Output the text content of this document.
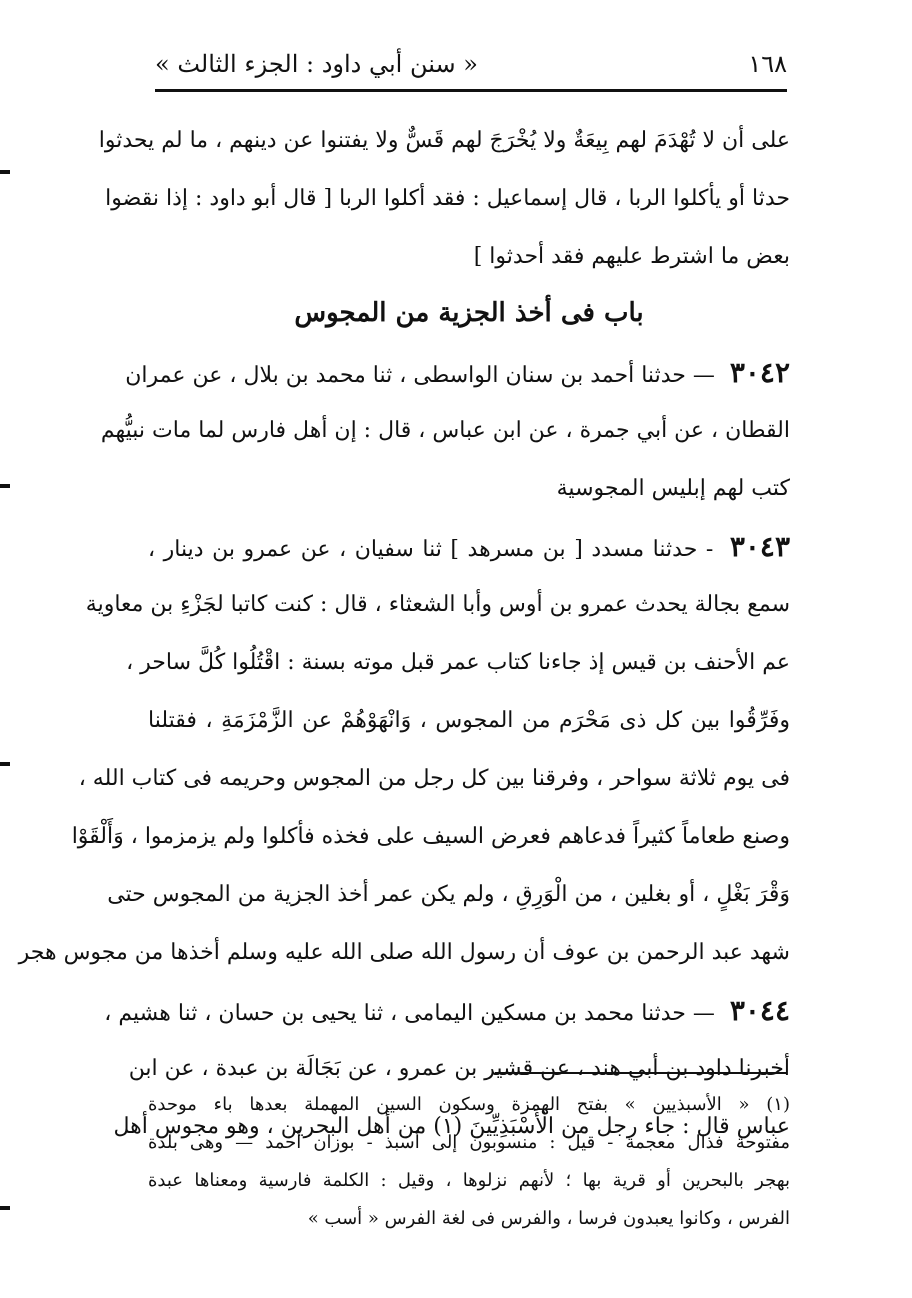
١٦٨
« سنن أبي داود : الجزء الثالث »
على أن لا تُهْدَمَ لهم بِيعَةٌ ولا يُخْرَجَ لهم قَسٌّ ولا يفتنوا عن دينهم ، ما لم يحدثوا
حدثا أو يأكلوا الربا ، قال إسماعيل : فقد أكلوا الربا [ قال أبو داود : إذا نقضوا
بعض ما اشترط عليهم فقد أحدثوا ]
باب فى أخذ الجزية من المجوس
٣٠٤٢ — حدثنا أحمد بن سنان الواسطى ، ثنا محمد بن بلال ، عن عمران
القطان ، عن أبي جمرة ، عن ابن عباس ، قال : إن أهل فارس لما مات نبيُّهم
كتب لهم إبليس المجوسية
٣٠٤٣ - حدثنا مسدد [ بن مسرهد ] ثنا سفيان ، عن عمرو بن دينار ،
سمع بجالة يحدث عمرو بن أوس وأبا الشعثاء ، قال : كنت كاتبا لجَزْءِ بن معاوية
عم الأحنف بن قيس إذ جاءنا كتاب عمر قبل موته بسنة : اقْتُلُوا كُلَّ ساحر ،
وفَرِّقُوا بين كل ذى مَحْرَم من المجوس ، وَانْهَوْهُمْ عن الزَّمْزَمَةِ ، فقتلنا
فى يوم ثلاثة سواحر ، وفرقنا بين كل رجل من المجوس وحريمه فى كتاب الله ،
وصنع طعاماً كثيراً فدعاهم فعرض السيف على فخذه فأكلوا ولم يزمزموا ، وَأَلْقَوْا
وَقْرَ بَغْلٍ ، أو بغلين ، من الْوَرِقِ ، ولم يكن عمر أخذ الجزية من المجوس حتى
شهد عبد الرحمن بن عوف أن رسول الله صلى الله عليه وسلم أخذها من مجوس هجر
٣٠٤٤ — حدثنا محمد بن مسكين اليمامى ، ثنا يحيى بن حسان ، ثنا هشيم ،
أخبرنا داود بن أبي هند ، عن قشير بن عمرو ، عن بَجَالَة بن عبدة ، عن ابن
عباس قال : جاء رجل من الْأَسْبَذِيِّينَ (١) من أهل البحرين ، وهو مجوس أهل
(١) « الأسبذيين » بفتح الهمزة وسكون السين المهملة بعدها باء موحدة
مفتوحة فذال معجمة - قيل : منسوبون إلى أسبذ - بوزان أحمد — وهى بلدة
بهجر بالبحرين أو قرية بها ؛ لأنهم نزلوها ، وقيل : الكلمة فارسية ومعناها عبدة
الفرس ، وكانوا يعبدون فرسا ، والفرس فى لغة الفرس « أسب »
